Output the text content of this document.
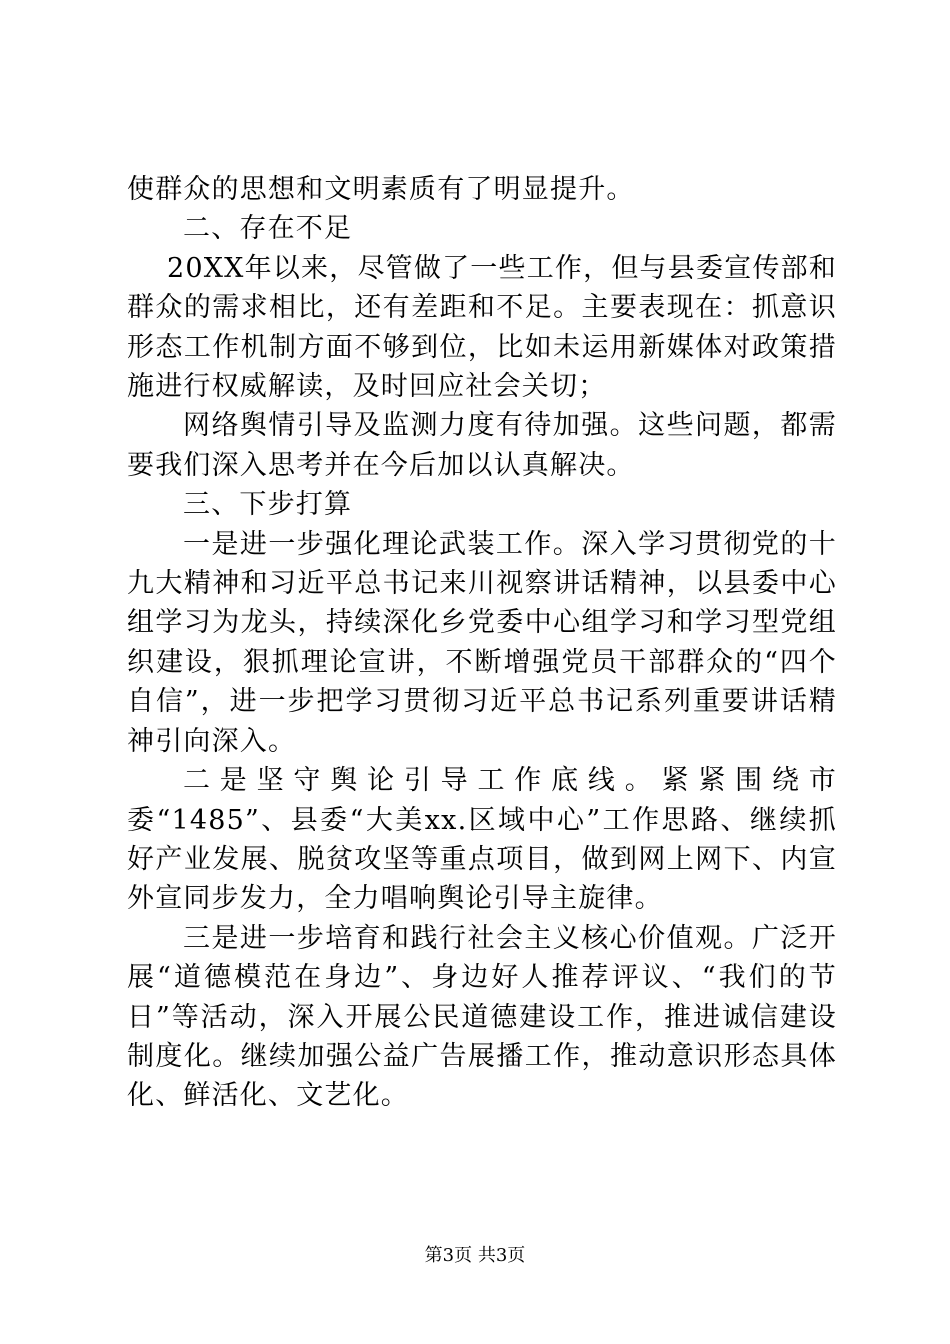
使群众的思想和文明素质有了明显提升。

二、存在不足

20XX年以来，尽管做了一些工作，但与县委宣传部和群众的需求相比，还有差距和不足。主要表现在：抓意识形态工作机制方面不够到位，比如未运用新媒体对政策措施进行权威解读，及时回应社会关切；

网络舆情引导及监测力度有待加强。这些问题，都需要我们深入思考并在今后加以认真解决。

三、下步打算

一是进一步强化理论武装工作。深入学习贯彻党的十九大精神和习近平总书记来川视察讲话精神，以县委中心组学习为龙头，持续深化乡党委中心组学习和学习型党组织建设，狠抓理论宣讲，不断增强党员干部群众的“四个自信”，进一步把学习贯彻习近平总书记系列重要讲话精神引向深入。

二是坚守舆论引导工作底线。紧紧围绕市委“1485”、县委“大美xx.区域中心”工作思路、继续抓好产业发展、脱贫攻坚等重点项目，做到网上网下、内宣外宣同步发力，全力唱响舆论引导主旋律。

三是进一步培育和践行社会主义核心价值观。广泛开展“道德模范在身边”、身边好人推荐评议、“我们的节日”等活动，深入开展公民道德建设工作，推进诚信建设制度化。继续加强公益广告展播工作，推动意识形态具体化、鲜活化、文艺化。

第3页 共3页
